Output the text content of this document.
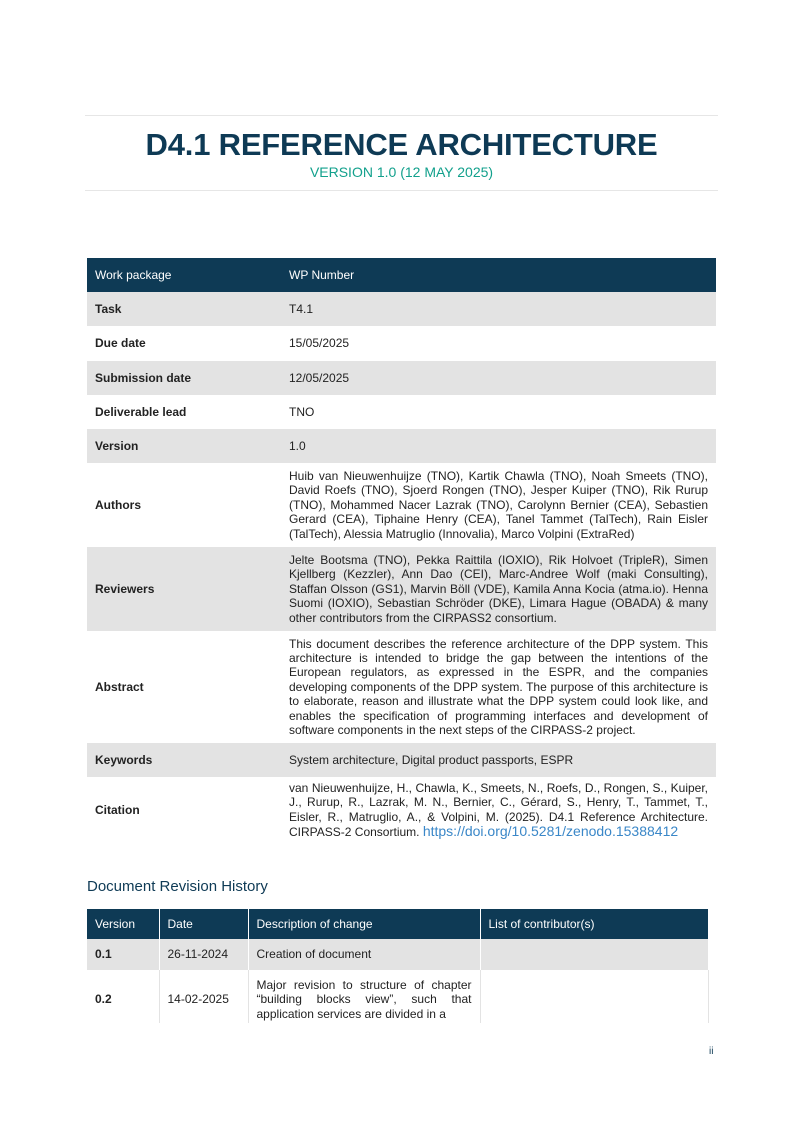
D4.1 REFERENCE ARCHITECTURE
VERSION 1.0 (12 MAY 2025)
Work package	WP Number
Task	T4.1
Due date	15/05/2025
Submission date	12/05/2025
Deliverable lead	TNO
Version	1.0
Authors	Huib van Nieuwenhuijze (TNO), Kartik Chawla (TNO), Noah Smeets (TNO), David Roefs (TNO), Sjoerd Rongen (TNO), Jesper Kuiper (TNO), Rik Rurup (TNO), Mohammed Nacer Lazrak (TNO), Carolynn Bernier (CEA), Sebastien Gerard (CEA), Tiphaine Henry (CEA), Tanel Tammet (TalTech), Rain Eisler (TalTech), Alessia Matruglio (Innovalia), Marco Volpini (ExtraRed)
Reviewers	Jelte Bootsma (TNO), Pekka Raittila (IOXIO), Rik Holvoet (TripleR), Simen Kjellberg (Kezzler), Ann Dao (CEI), Marc-Andree Wolf (maki Consulting), Staffan Olsson (GS1), Marvin Böll (VDE), Kamila Anna Kocia (atma.io). Henna Suomi (IOXIO), Sebastian Schröder (DKE), Limara Hague (OBADA) & many other contributors from the CIRPASS2 consortium.
Abstract	This document describes the reference architecture of the DPP system. This architecture is intended to bridge the gap between the intentions of the European regulators, as expressed in the ESPR, and the companies developing components of the DPP system. The purpose of this architecture is to elaborate, reason and illustrate what the DPP system could look like, and enables the specification of programming interfaces and development of software components in the next steps of the CIRPASS-2 project.
Keywords	System architecture, Digital product passports, ESPR
Citation	van Nieuwenhuijze, H., Chawla, K., Smeets, N., Roefs, D., Rongen, S., Kuiper, J., Rurup, R., Lazrak, M. N., Bernier, C., Gérard, S., Henry, T., Tammet, T., Eisler, R., Matruglio, A., & Volpini, M. (2025). D4.1 Reference Architecture. CIRPASS-2 Consortium. https://doi.org/10.5281/zenodo.15388412
Document Revision History
Version	Date	Description of change	List of contributor(s)
0.1	26-11-2024	Creation of document	
0.2	14-02-2025	Major revision to structure of chapter “building blocks view”, such that application services are divided in a	
ii
